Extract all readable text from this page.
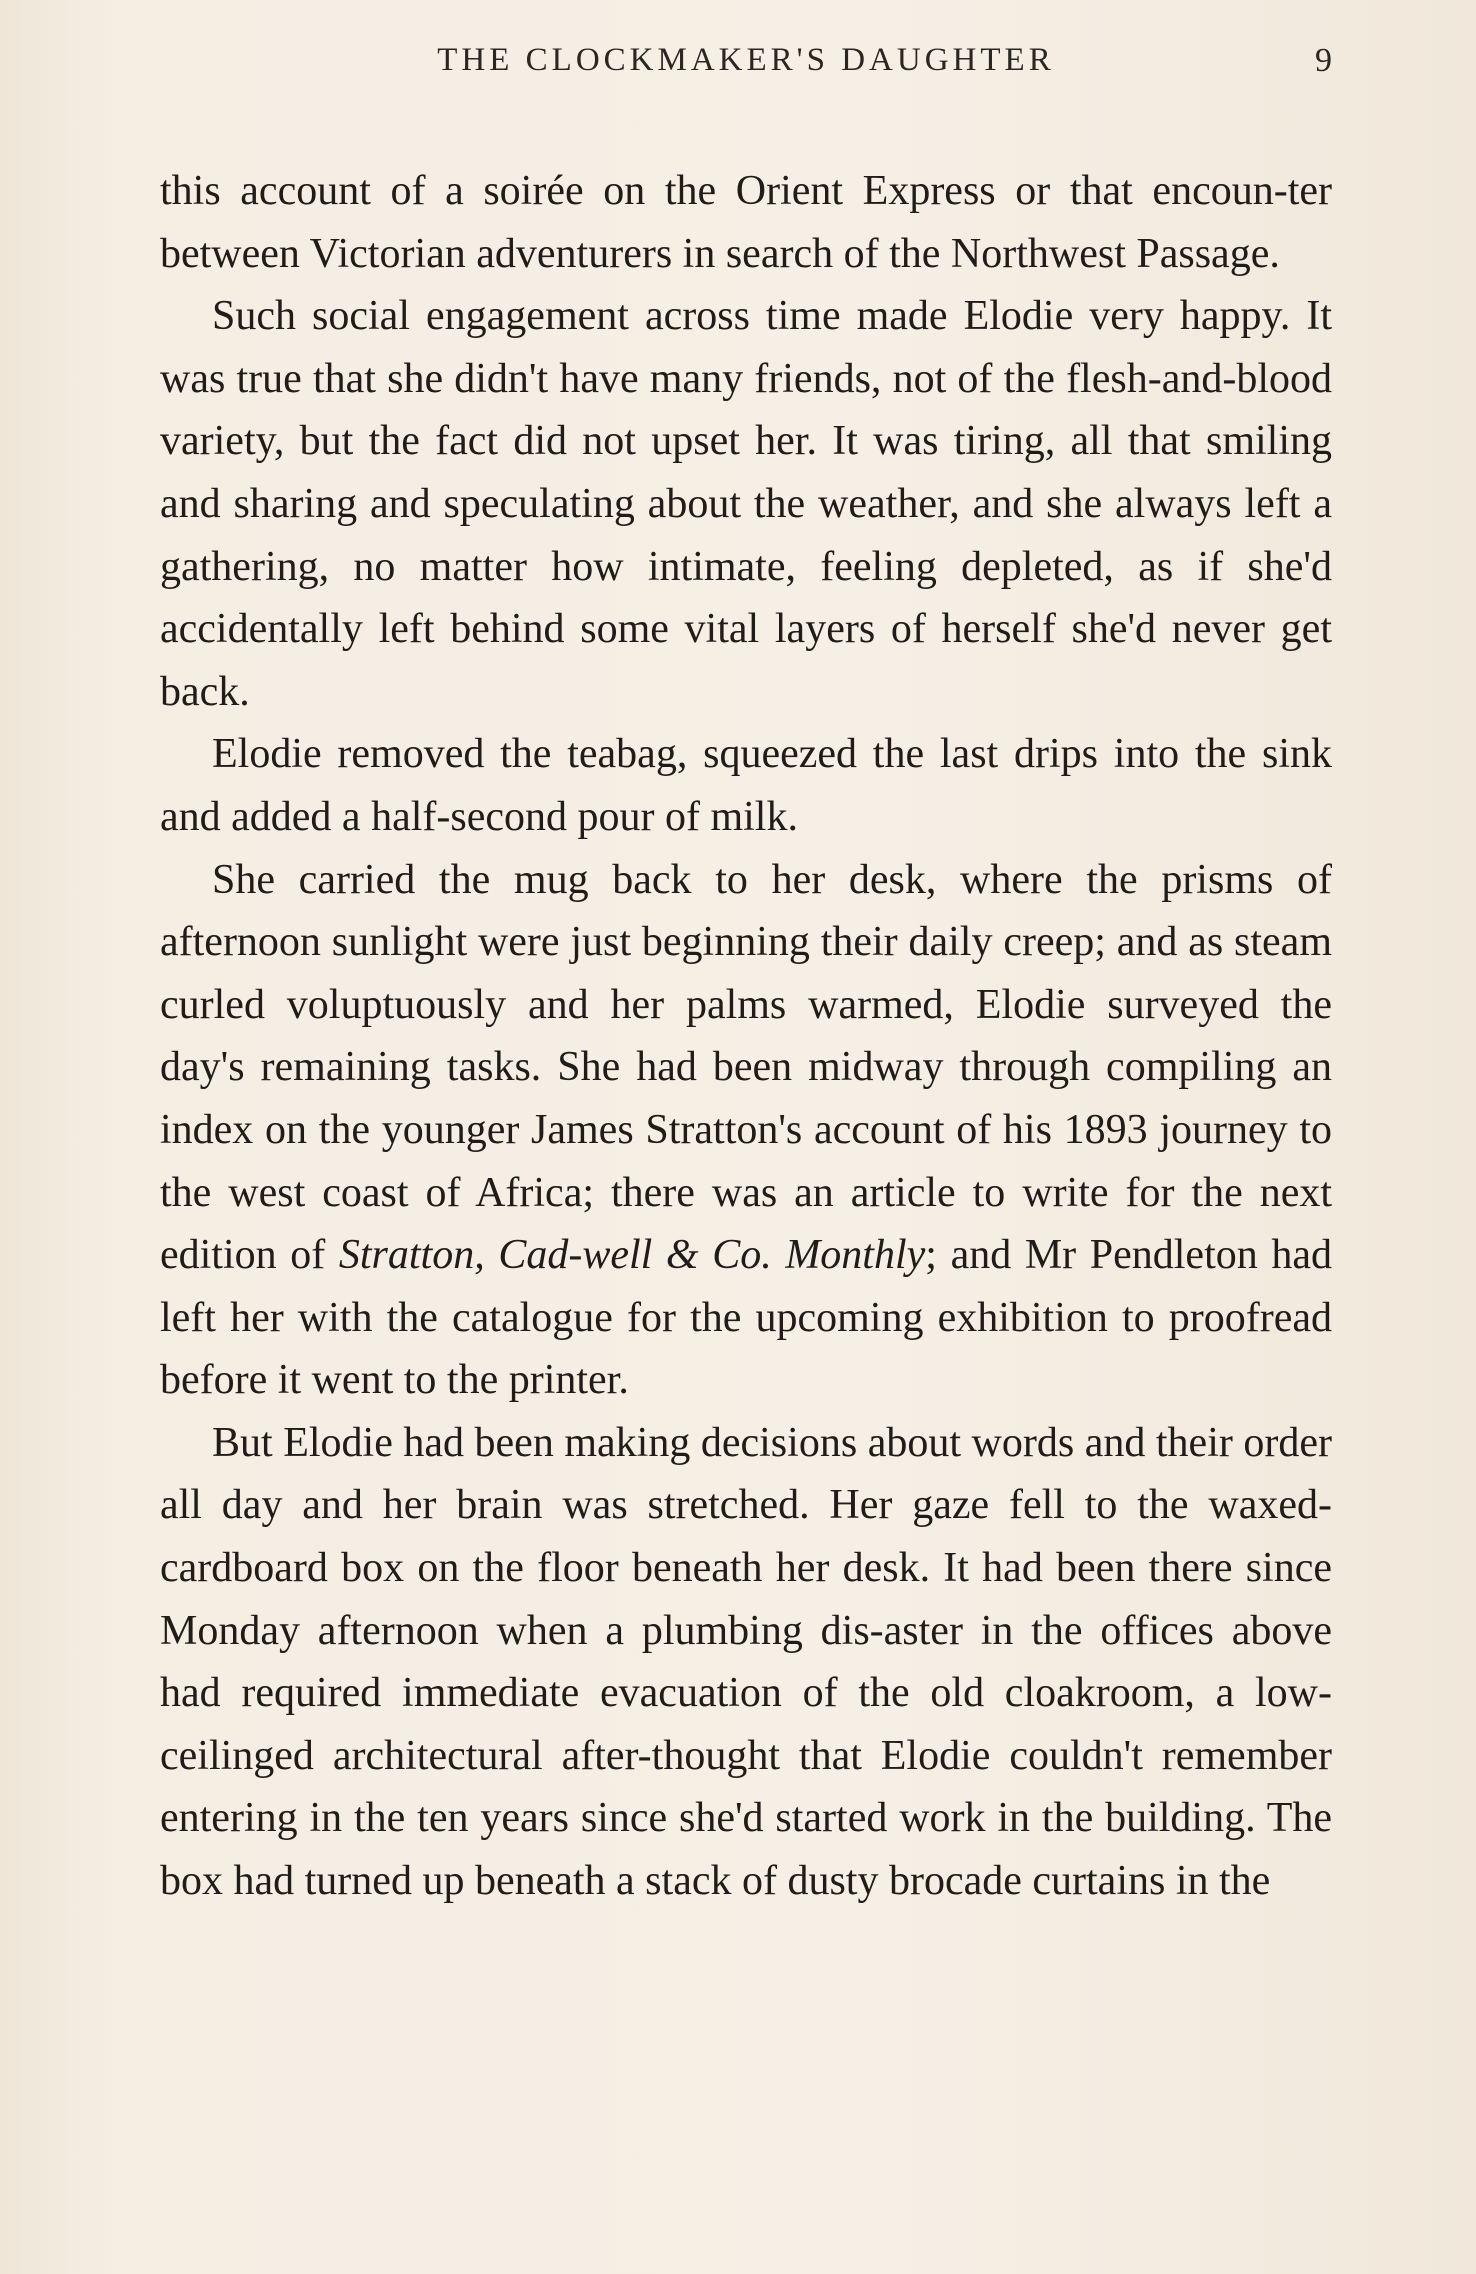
THE CLOCKMAKER'S DAUGHTER	9

this account of a soirée on the Orient Express or that encoun-ter between Victorian adventurers in search of the Northwest Passage.

Such social engagement across time made Elodie very happy. It was true that she didn't have many friends, not of the flesh-and-blood variety, but the fact did not upset her. It was tiring, all that smiling and sharing and speculating about the weather, and she always left a gathering, no matter how intimate, feeling depleted, as if she'd accidentally left behind some vital layers of herself she'd never get back.

Elodie removed the teabag, squeezed the last drips into the sink and added a half-second pour of milk.

She carried the mug back to her desk, where the prisms of afternoon sunlight were just beginning their daily creep; and as steam curled voluptuously and her palms warmed, Elodie surveyed the day's remaining tasks. She had been midway through compiling an index on the younger James Stratton's account of his 1893 journey to the west coast of Africa; there was an article to write for the next edition of Stratton, Cad-well & Co. Monthly; and Mr Pendleton had left her with the catalogue for the upcoming exhibition to proofread before it went to the printer.

But Elodie had been making decisions about words and their order all day and her brain was stretched. Her gaze fell to the waxed-cardboard box on the floor beneath her desk. It had been there since Monday afternoon when a plumbing dis-aster in the offices above had required immediate evacuation of the old cloakroom, a low-ceilinged architectural after-thought that Elodie couldn't remember entering in the ten years since she'd started work in the building. The box had turned up beneath a stack of dusty brocade curtains in the
